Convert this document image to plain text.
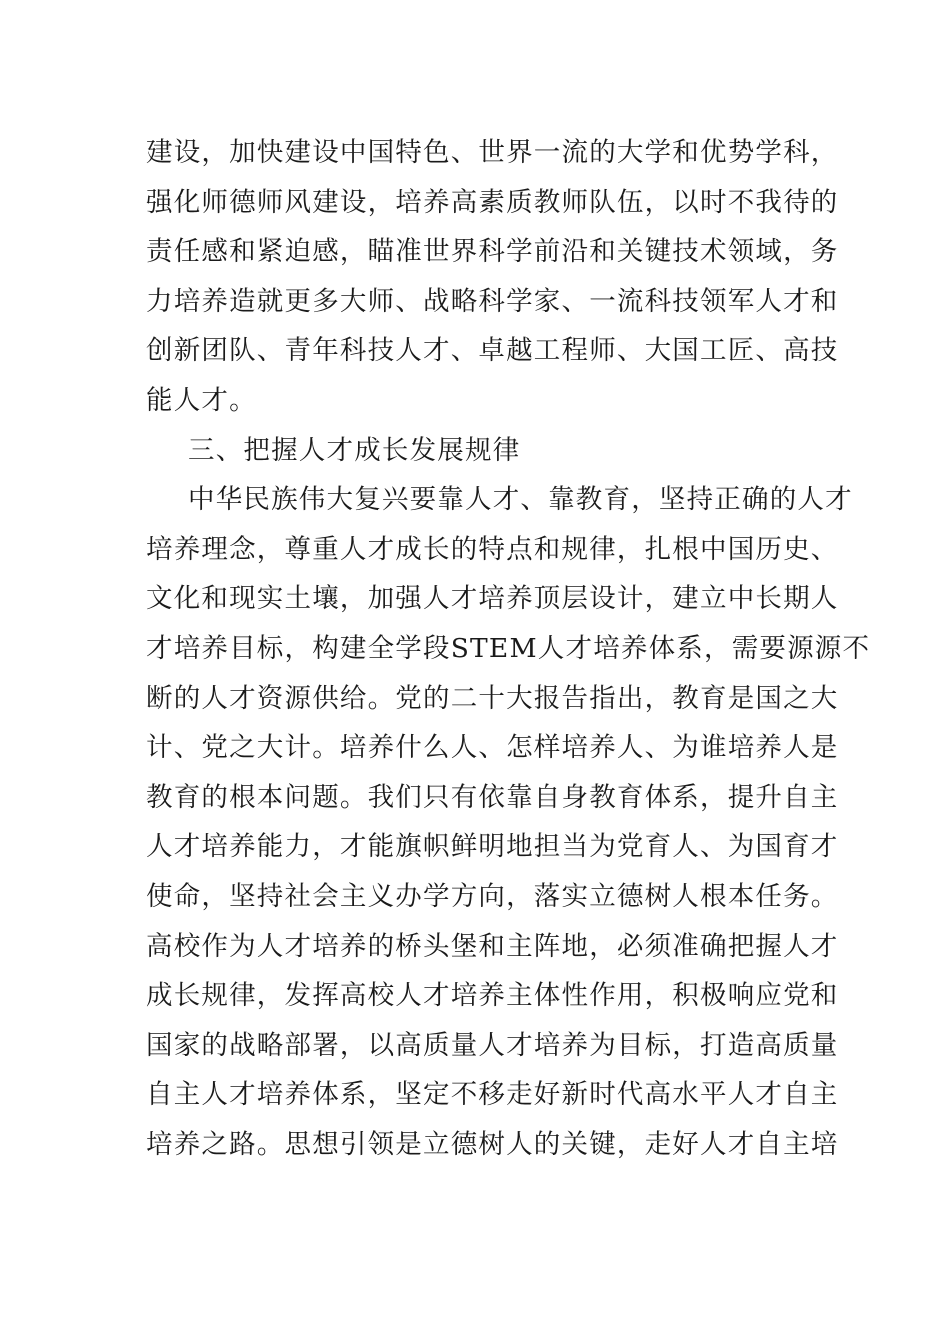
建设，加快建设中国特色、世界一流的大学和优势学科，
强化师德师风建设，培养高素质教师队伍，以时不我待的
责任感和紧迫感，瞄准世界科学前沿和关键技术领域，务
力培养造就更多大师、战略科学家、一流科技领军人才和
创新团队、青年科技人才、卓越工程师、大国工匠、高技
能人才。
三、把握人才成长发展规律
中华民族伟大复兴要靠人才、靠教育，坚持正确的人才
培养理念，尊重人才成长的特点和规律，扎根中国历史、
文化和现实土壤，加强人才培养顶层设计，建立中长期人
才培养目标，构建全学段STEM人才培养体系，需要源源不
断的人才资源供给。党的二十大报告指出，教育是国之大
计、党之大计。培养什么人、怎样培养人、为谁培养人是
教育的根本问题。我们只有依靠自身教育体系，提升自主
人才培养能力，才能旗帜鲜明地担当为党育人、为国育才
使命，坚持社会主义办学方向，落实立德树人根本任务。
高校作为人才培养的桥头堡和主阵地，必须准确把握人才
成长规律，发挥高校人才培养主体性作用，积极响应党和
国家的战略部署，以高质量人才培养为目标，打造高质量
自主人才培养体系，坚定不移走好新时代高水平人才自主
培养之路。思想引领是立德树人的关键，走好人才自主培
